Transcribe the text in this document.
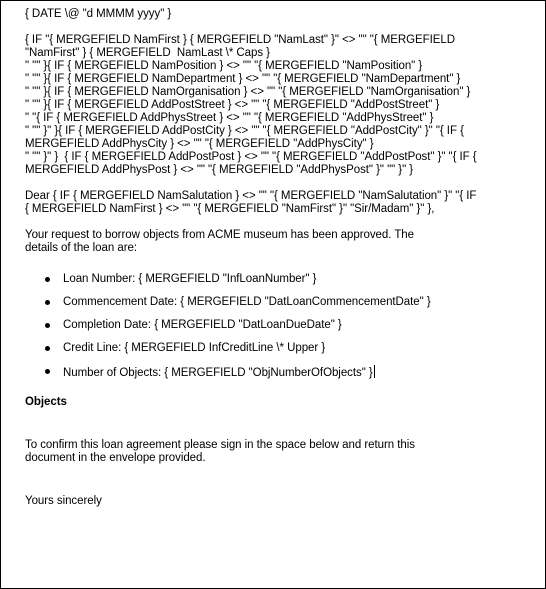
{ DATE \@ "d MMMM yyyy" }

{ IF "{ MERGEFIELD NamFirst } { MERGEFIELD "NamLast" }" <> "" "{ MERGEFIELD

"NamFirst" } { MERGEFIELD  NamLast \* Caps }

" "" }{ IF { MERGEFIELD NamPosition } <> "" "{ MERGEFIELD "NamPosition" }

" "" }{ IF { MERGEFIELD NamDepartment } <> "" "{ MERGEFIELD "NamDepartment" }

" "" }{ IF { MERGEFIELD NamOrganisation } <> "" "{ MERGEFIELD "NamOrganisation" }

" "" }{ IF { MERGEFIELD AddPostStreet } <> "" "{ MERGEFIELD "AddPostStreet" }

" "{ IF { MERGEFIELD AddPhysStreet } <> "" "{ MERGEFIELD "AddPhysStreet" }

" "" }" }{ IF { MERGEFIELD AddPostCity } <> "" "{ MERGEFIELD "AddPostCity" }" "{ IF {

MERGEFIELD AddPhysCity } <> "" "{ MERGEFIELD "AddPhysCity" }

" "" }" }  { IF { MERGEFIELD AddPostPost } <> "" "{ MERGEFIELD "AddPostPost" }" "{ IF {

MERGEFIELD AddPhysPost } <> "" "{ MERGEFIELD "AddPhysPost" }" "" }" }

Dear { IF { MERGEFIELD NamSalutation } <> "" "{ MERGEFIELD "NamSalutation" }" "{ IF

{ MERGEFIELD NamFirst } <> "" "{ MERGEFIELD "NamFirst" }" "Sir/Madam" }" },

Your request to borrow objects from ACME museum has been approved. The

details of the loan are:

Loan Number: { MERGEFIELD "InfLoanNumber" }
Commencement Date: { MERGEFIELD "DatLoanCommencementDate" }
Completion Date: { MERGEFIELD "DatLoanDueDate" }
Credit Line: { MERGEFIELD InfCreditLine \* Upper }
Number of Objects: { MERGEFIELD "ObjNumberOfObjects" }

Objects

To confirm this loan agreement please sign in the space below and return this

document in the envelope provided.

Yours sincerely
